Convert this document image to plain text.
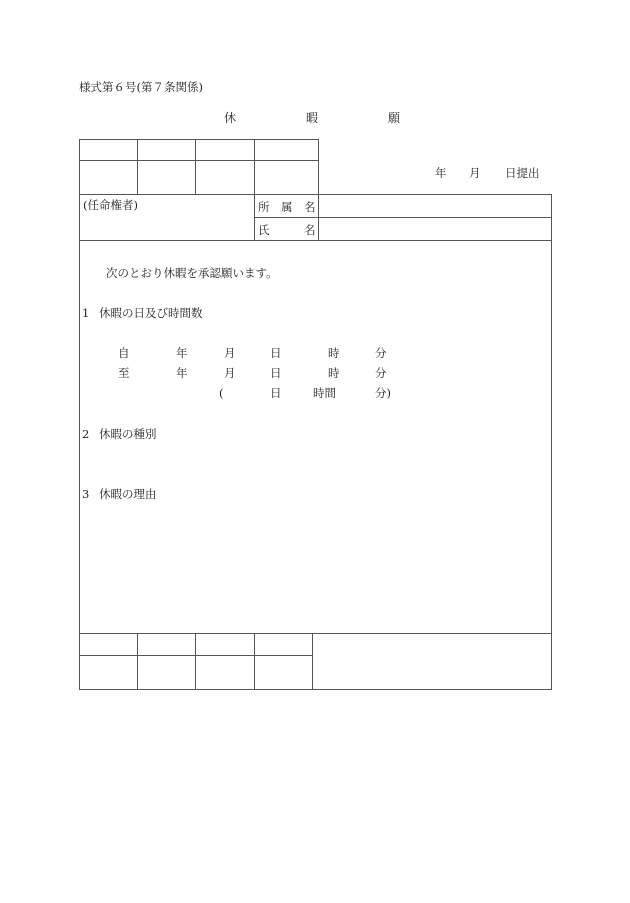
様式第６号(第７条関係)
休	暇	願
年 月 日提出
(任命権者)	所 属 名
氏	名
次のとおり休暇を承認願います。
1 休暇の日及び時間数
自	年	月	日	時	分
至	年	月	日	時	分
(	日	時間	分)
2 休暇の種別
3 休暇の理由
